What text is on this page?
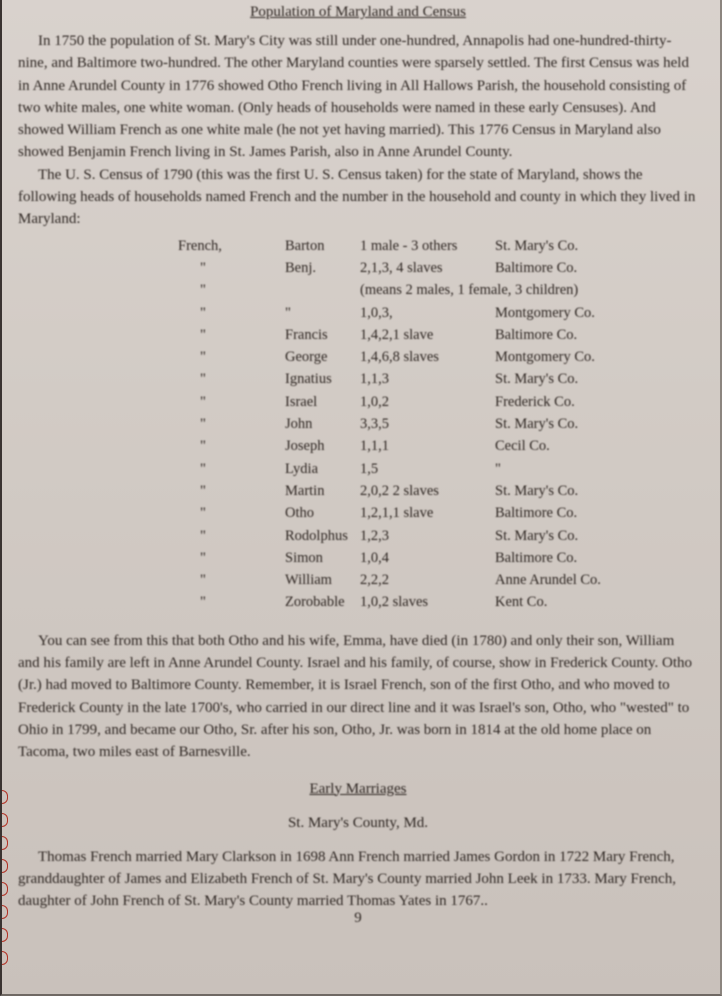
Population of Maryland and Census

In 1750 the population of St. Mary's City was still under one-hundred, Annapolis had one-hundred-thirty-nine, and Baltimore two-hundred. The other Maryland counties were sparsely settled. The first Census was held in Anne Arundel County in 1776 showed Otho French living in All Hallows Parish, the household consisting of two white males, one white woman. (Only heads of households were named in these early Censuses). And showed William French as one white male (he not yet having married). This 1776 Census in Maryland also showed Benjamin French living in St. James Parish, also in Anne Arundel County.

The U. S. Census of 1790 (this was the first U. S. Census taken) for the state of Maryland, shows the following heads of households named French and the number in the household and county in which they lived in Maryland:

French,	Barton	1 male - 3 others	St. Mary's Co.
"	Benj.	2,1,3, 4 slaves	Baltimore Co.
"		(means 2 males, 1 female, 3 children)	
"	"	1,0,3,	Montgomery Co.
"	Francis	1,4,2,1 slave	Baltimore Co.
"	George	1,4,6,8 slaves	Montgomery Co.
"	Ignatius	1,1,3	St. Mary's Co.
"	Israel	1,0,2	Frederick Co.
"	John	3,3,5	St. Mary's Co.
"	Joseph	1,1,1	Cecil Co.
"	Lydia	1,5	"
"	Martin	2,0,2 2 slaves	St. Mary's Co.
"	Otho	1,2,1,1 slave	Baltimore Co.
"	Rodolphus	1,2,3	St. Mary's Co.
"	Simon	1,0,4	Baltimore Co.
"	William	2,2,2	Anne Arundel Co.
"	Zorobable	1,0,2 slaves	Kent Co.

You can see from this that both Otho and his wife, Emma, have died (in 1780) and only their son, William and his family are left in Anne Arundel County. Israel and his family, of course, show in Frederick County. Otho (Jr.) had moved to Baltimore County. Remember, it is Israel French, son of the first Otho, and who moved to Frederick County in the late 1700's, who carried in our direct line and it was Israel's son, Otho, who "wested" to Ohio in 1799, and became our Otho, Sr. after his son, Otho, Jr. was born in 1814 at the old home place on Tacoma, two miles east of Barnesville.

Early Marriages
St. Mary's County, Md.

Thomas French married Mary Clarkson in 1698 Ann French married James Gordon in 1722 Mary French, granddaughter of James and Elizabeth French of St. Mary's County married John Leek in 1733. Mary French, daughter of John French of St. Mary's County married Thomas Yates in 1767..

9
